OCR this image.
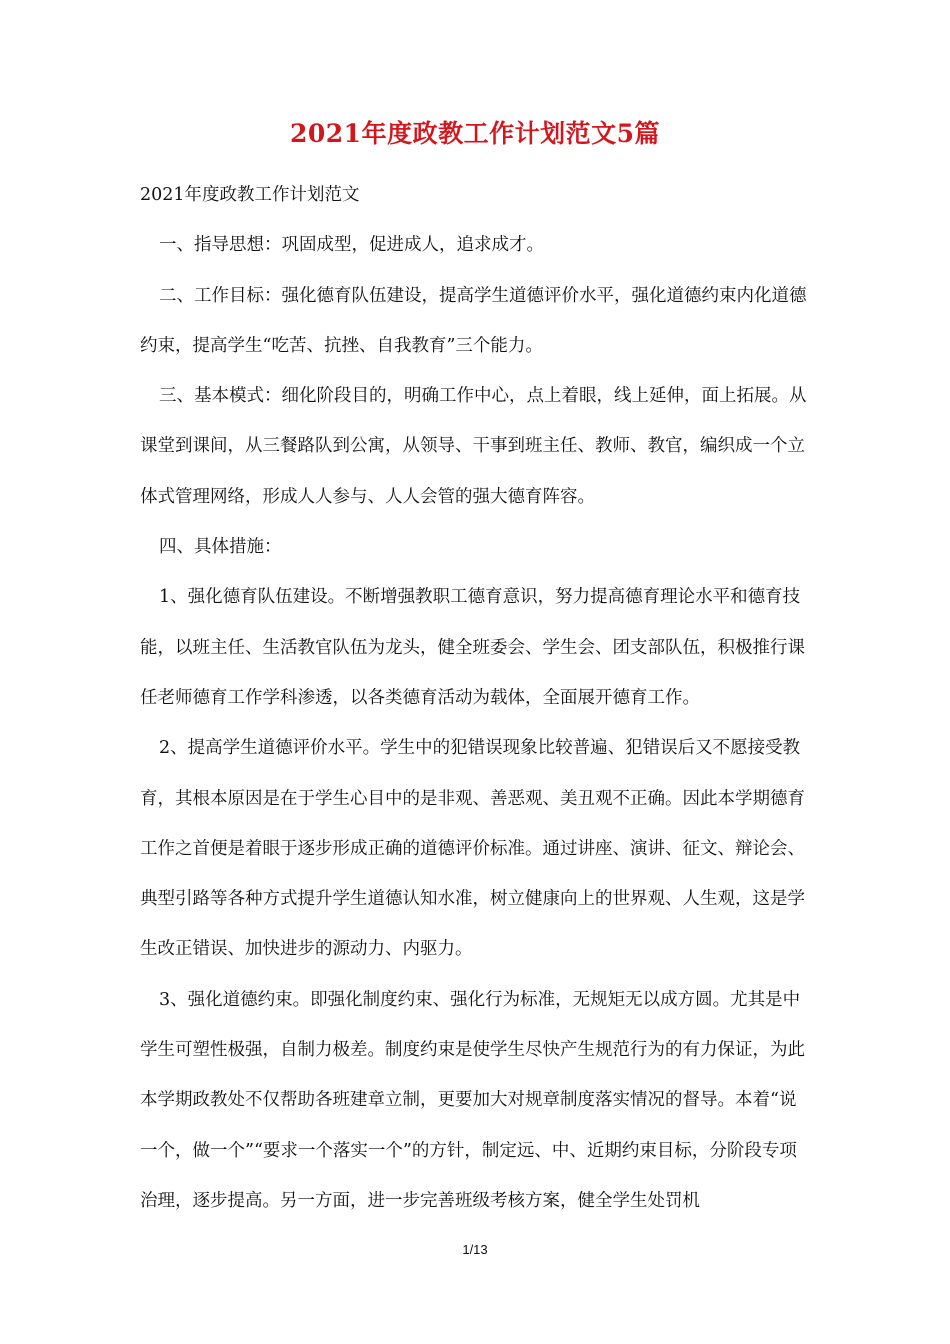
2021年度政教工作计划范文5篇

2021年度政教工作计划范文

一、指导思想：巩固成型，促进成人，追求成才。

二、工作目标：强化德育队伍建设，提高学生道德评价水平，强化道德约束内化道德约束，提高学生“吃苦、抗挫、自我教育”三个能力。

三、基本模式：细化阶段目的，明确工作中心，点上着眼，线上延伸，面上拓展。从课堂到课间，从三餐路队到公寓，从领导、干事到班主任、教师、教官，编织成一个立体式管理网络，形成人人参与、人人会管的强大德育阵容。

四、具体措施：

1、强化德育队伍建设。不断增强教职工德育意识，努力提高德育理论水平和德育技能，以班主任、生活教官队伍为龙头，健全班委会、学生会、团支部队伍，积极推行课任老师德育工作学科渗透，以各类德育活动为载体，全面展开德育工作。

2、提高学生道德评价水平。学生中的犯错误现象比较普遍、犯错误后又不愿接受教育，其根本原因是在于学生心目中的是非观、善恶观、美丑观不正确。因此本学期德育工作之首便是着眼于逐步形成正确的道德评价标准。通过讲座、演讲、征文、辩论会、典型引路等各种方式提升学生道德认知水准，树立健康向上的世界观、人生观，这是学生改正错误、加快进步的源动力、内驱力。

3、强化道德约束。即强化制度约束、强化行为标准，无规矩无以成方圆。尤其是中学生可塑性极强，自制力极差。制度约束是使学生尽快产生规范行为的有力保证，为此本学期政教处不仅帮助各班建章立制，更要加大对规章制度落实情况的督导。本着“说一个，做一个”“要求一个落实一个”的方针，制定远、中、近期约束目标，分阶段专项治理，逐步提高。另一方面，进一步完善班级考核方案，健全学生处罚机

1/13
